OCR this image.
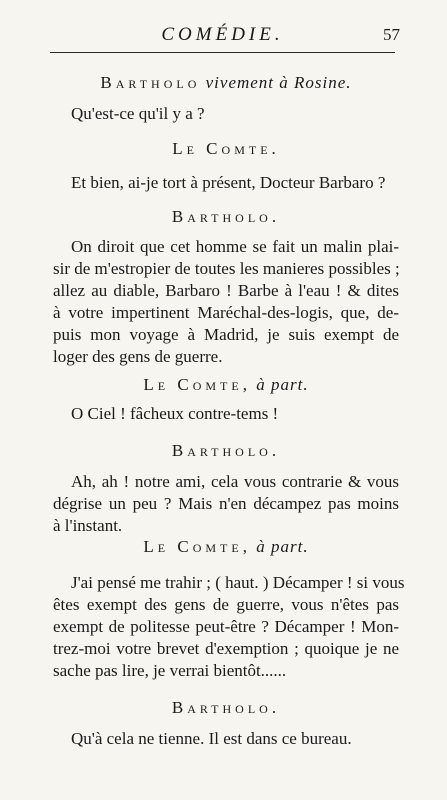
COMÉDIE.	57
Bartholo vivement à Rosine.
Qu'est-ce qu'il y a ?
Le Comte.
Et bien, ai-je tort à présent, Docteur Barbaro ?
Bartholo.
On diroit que cet homme se fait un malin plai-
sir de m'estropier de toutes les manieres possibles ;
allez au diable, Barbaro ! Barbe à l'eau ! & dites
à votre impertinent Maréchal-des-logis, que, de-
puis mon voyage à Madrid, je suis exempt de
loger des gens de guerre.
Le Comte, à part.
O Ciel ! fâcheux contre-tems !
Bartholo.
Ah, ah ! notre ami, cela vous contrarie & vous
dégrise un peu ? Mais n'en décampez pas moins
à l'instant.
Le Comte, à part.
J'ai pensé me trahir ; ( haut. ) Décamper ! si vous
êtes exempt des gens de guerre, vous n'êtes pas
exempt de politesse peut-être ? Décamper ! Mon-
trez-moi votre brevet d'exemption ; quoique je ne
sache pas lire, je verrai bientôt......
Bartholo.
Qu'à cela ne tienne. Il est dans ce bureau.
